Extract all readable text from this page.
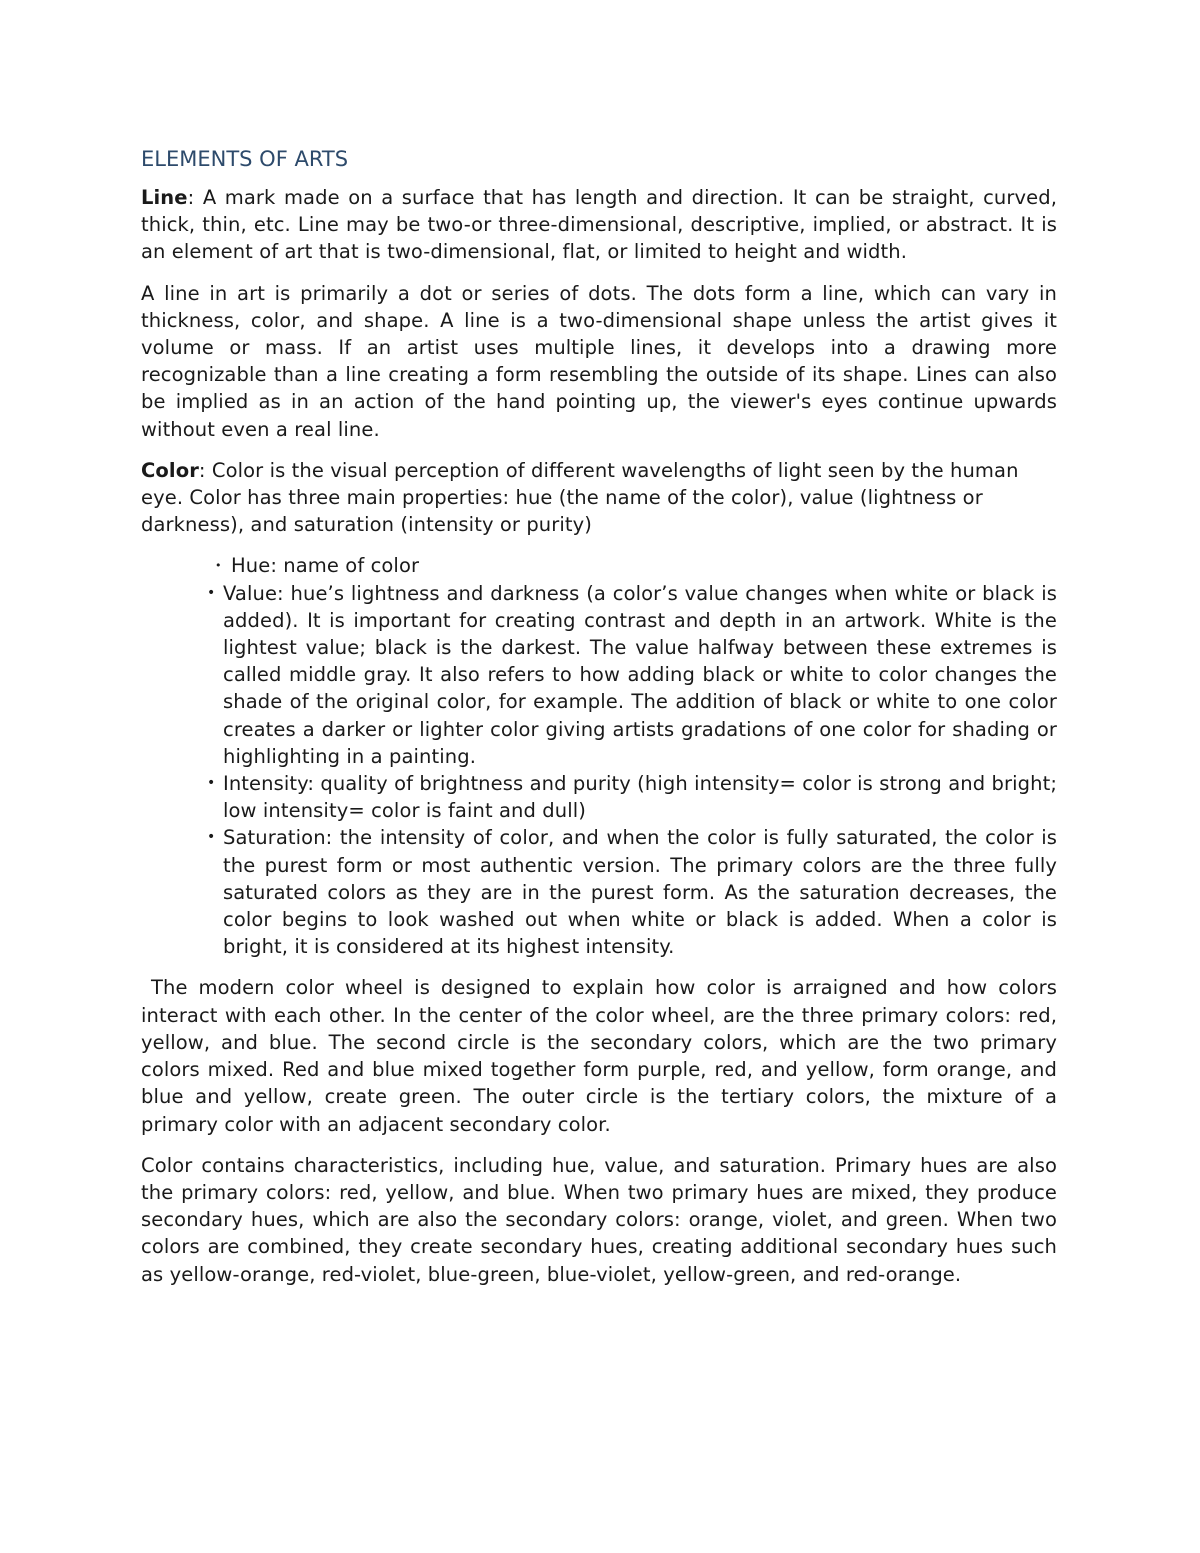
ELEMENTS OF ARTS

Line: A mark made on a surface that has length and direction. It can be straight, curved, thick, thin, etc. Line may be two-or three-dimensional, descriptive, implied, or abstract. It is an element of art that is two-dimensional, flat, or limited to height and width.

A line in art is primarily a dot or series of dots. The dots form a line, which can vary in thickness, color, and shape. A line is a two-dimensional shape unless the artist gives it volume or mass. If an artist uses multiple lines, it develops into a drawing more recognizable than a line creating a form resembling the outside of its shape. Lines can also be implied as in an action of the hand pointing up, the viewer's eyes continue upwards without even a real line.

Color: Color is the visual perception of different wavelengths of light seen by the human eye. Color has three main properties: hue (the name of the color), value (lightness or darkness), and saturation (intensity or purity)

• Hue: name of color
• Value: hue’s lightness and darkness (a color’s value changes when white or black is added). It is important for creating contrast and depth in an artwork. White is the lightest value; black is the darkest. The value halfway between these extremes is called middle gray. It also refers to how adding black or white to color changes the shade of the original color, for example. The addition of black or white to one color creates a darker or lighter color giving artists gradations of one color for shading or highlighting in a painting.
• Intensity: quality of brightness and purity (high intensity= color is strong and bright; low intensity= color is faint and dull)
• Saturation: the intensity of color, and when the color is fully saturated, the color is the purest form or most authentic version. The primary colors are the three fully saturated colors as they are in the purest form. As the saturation decreases, the color begins to look washed out when white or black is added. When a color is bright, it is considered at its highest intensity.

The modern color wheel is designed to explain how color is arraigned and how colors interact with each other. In the center of the color wheel, are the three primary colors: red, yellow, and blue. The second circle is the secondary colors, which are the two primary colors mixed. Red and blue mixed together form purple, red, and yellow, form orange, and blue and yellow, create green. The outer circle is the tertiary colors, the mixture of a primary color with an adjacent secondary color.

Color contains characteristics, including hue, value, and saturation. Primary hues are also the primary colors: red, yellow, and blue. When two primary hues are mixed, they produce secondary hues, which are also the secondary colors: orange, violet, and green. When two colors are combined, they create secondary hues, creating additional secondary hues such as yellow-orange, red-violet, blue-green, blue-violet, yellow-green, and red-orange.
